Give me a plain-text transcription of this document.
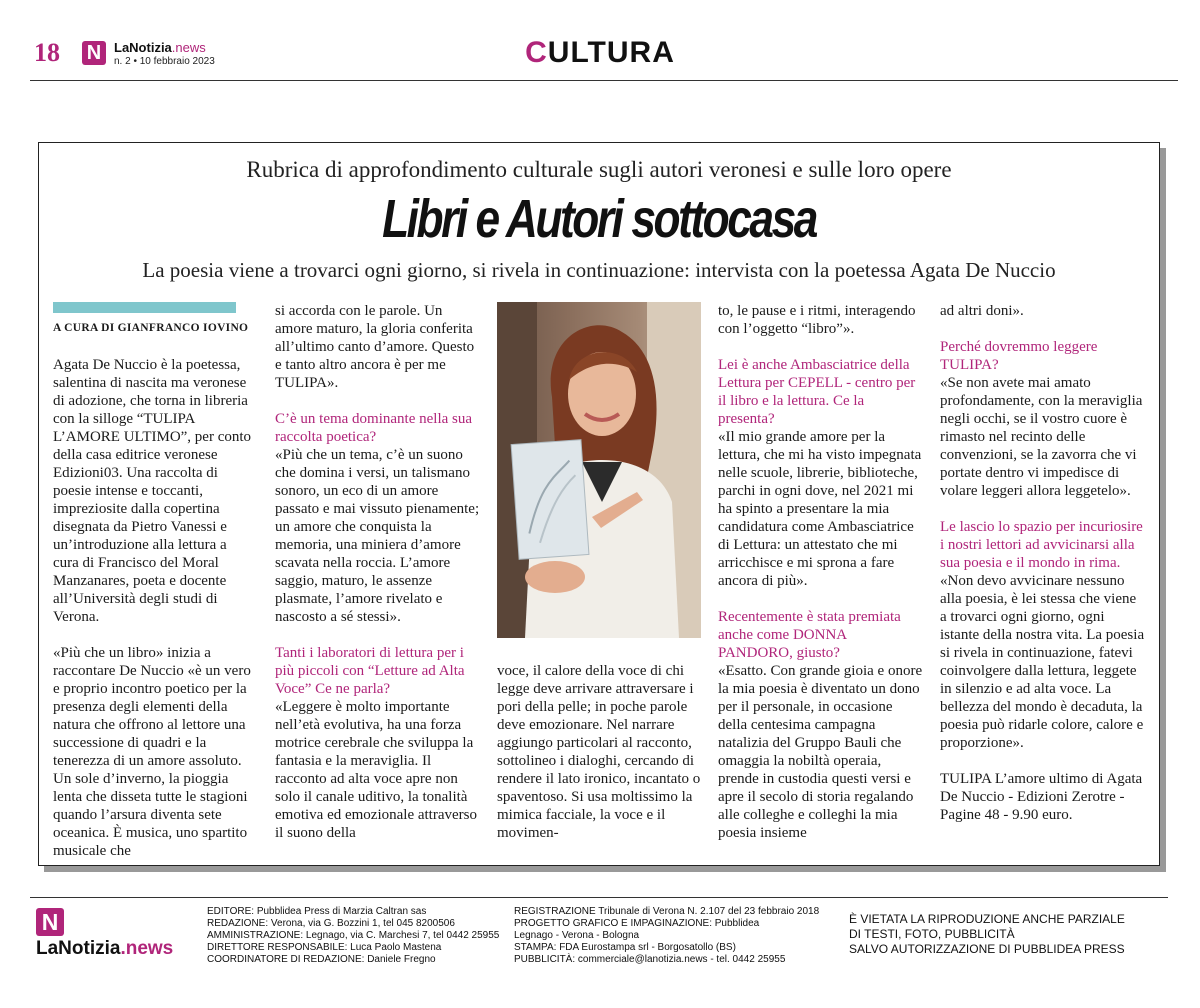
18 N LaNotizia.news
n. 2 • 10 febbraio 2023	CULTURA
Rubrica di approfondimento culturale sugli autori veronesi e sulle loro opere
Libri e Autori sottocasa
La poesia viene a trovarci ogni giorno, si rivela in continuazione: intervista con la poetessa Agata De Nuccio
A CURA DI GIANFRANCO IOVINO

Agata De Nuccio è la poetessa, salentina di nascita ma veronese di adozione, che torna in libreria con la silloge “TULIPA L’AMORE ULTIMO”, per conto della casa editrice veronese Edizioni03. Una raccolta di poesie intense e toccanti, impreziosite dalla copertina disegnata da Pietro Vanessi e un’introduzione alla lettura a cura di Francisco del Moral Manzanares, poeta e docente all’Università degli studi di Verona.

«Più che un libro» inizia a raccontare De Nuccio «è un vero e proprio incontro poetico per la presenza degli elementi della natura che offrono al lettore una successione di quadri e la tenerezza di un amore assoluto. Un sole d’inverno, la pioggia lenta che disseta tutte le stagioni quando l’arsura diventa sete oceanica. È musica, uno spartito musicale che

si accorda con le parole. Un amore maturo, la gloria conferita all’ultimo canto d’amore. Questo e tanto altro ancora è per me TULIPA».

C’è un tema dominante nella sua raccolta poetica?

«Più che un tema, c’è un suono che domina i versi, un talismano sonoro, un eco di un amore passato e mai vissuto pienamente; un amore che conquista la memoria, una miniera d’amore scavata nella roccia. L’amore saggio, maturo, le assenze plasmate, l’amore rivelato e nascosto a sé stessi».

Tanti i laboratori di lettura per i più piccoli con “Letture ad Alta Voce” Ce ne parla?

«Leggere è molto importante nell’età evolutiva, ha una forza motrice cerebrale che sviluppa la fantasia e la meraviglia. Il racconto ad alta voce apre non solo il canale uditivo, la tonalità emotiva ed emozionale attraverso il suono della

voce, il calore della voce di chi legge deve arrivare attraversare i pori della pelle; in poche parole deve emozionare. Nel narrare aggiungo particolari al racconto, sottolineo i dialoghi, cercando di rendere il lato ironico, incantato o spaventoso. Si usa moltissimo la mimica facciale, la voce e il movimen-

to, le pause e i ritmi, interagendo con l’oggetto “libro”».

Lei è anche Ambasciatrice della Lettura per CEPELL - centro per il libro e la lettura. Ce la presenta?

«Il mio grande amore per la lettura, che mi ha visto impegnata nelle scuole, librerie, biblioteche, parchi in ogni dove, nel 2021 mi ha spinto a presentare la mia candidatura come Ambasciatrice di Lettura: un attestato che mi arricchisce e mi sprona a fare ancora di più».

Recentemente è stata premiata anche come DONNA PANDORO, giusto?

«Esatto. Con grande gioia e onore la mia poesia è diventato un dono per il personale, in occasione della centesima campagna natalizia del Gruppo Bauli che omaggia la nobiltà operaia, prende in custodia questi versi e apre il secolo di storia regalando alle colleghe e colleghi la mia poesia insieme

ad altri doni».

Perché dovremmo leggere TULIPA?

«Se non avete mai amato profondamente, con la meraviglia negli occhi, se il vostro cuore è rimasto nel recinto delle convenzioni, se la zavorra che vi portate dentro vi impedisce di volare leggeri allora leggetelo».

Le lascio lo spazio per incuriosire i nostri lettori ad avvicinarsi alla sua poesia e il mondo in rima.

«Non devo avvicinare nessuno alla poesia, è lei stessa che viene a trovarci ogni giorno, ogni istante della nostra vita. La poesia si rivela in continuazione, fatevi coinvolgere dalla lettura, leggete in silenzio e ad alta voce. La bellezza del mondo è decaduta, la poesia può ridarle colore, calore e proporzione».

TULIPA L’amore ultimo di Agata De Nuccio - Edizioni Zerotre - Pagine 48 - 9.90 euro.

N
LaNotizia.news
EDITORE: Pubblidea Press di Marzia Caltran sas
REDAZIONE: Verona, via G. Bozzini 1, tel 045 8200506
AMMINISTRAZIONE: Legnago, via C. Marchesi 7, tel 0442 25955
DIRETTORE RESPONSABILE: Luca Paolo Mastena
COORDINATORE DI REDAZIONE: Daniele Fregno
REGISTRAZIONE Tribunale di Verona N. 2.107 del 23 febbraio 2018
PROGETTO GRAFICO E IMPAGINAZIONE: Pubblidea
Legnago - Verona - Bologna
STAMPA: FDA Eurostampa srl - Borgosatollo (BS)
PUBBLICITÀ: commerciale@lanotizia.news - tel. 0442 25955
È VIETATA LA RIPRODUZIONE ANCHE PARZIALE
DI TESTI, FOTO, PUBBLICITÀ
SALVO AUTORIZZAZIONE DI PUBBLIDEA PRESS
